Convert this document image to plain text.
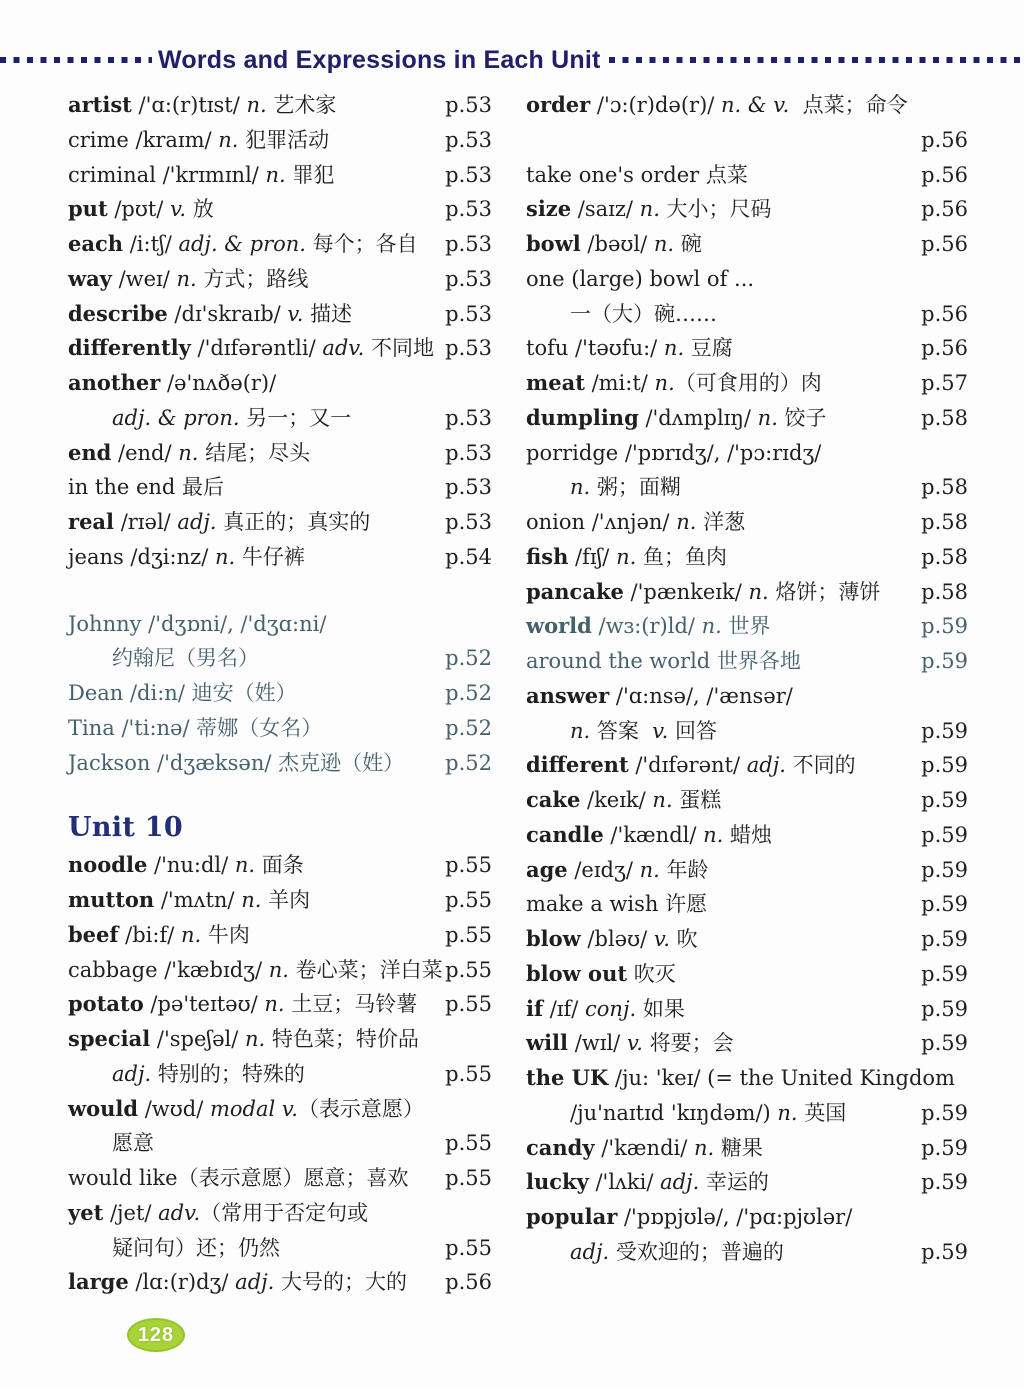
Words and Expressions in Each Unit
artist /'ɑ:(r)tɪst/ n. 艺术家	p.53
crime /kraɪm/ n. 犯罪活动	p.53
criminal /'krɪmɪnl/ n. 罪犯	p.53
put /pʊt/ v. 放	p.53
each /i:tʃ/ adj. & pron. 每个；各自 p.53
way /weɪ/ n. 方式；路线	p.53
describe /dɪ'skraɪb/ v. 描述	p.53
differently /'dɪfərəntli/ adv. 不同地 p.53
another /ə'nʌðə(r)/
adj. & pron. 另一；又一	p.53
end /end/ n. 结尾；尽头	p.53
in the end 最后	p.53
real /rɪəl/ adj. 真正的；真实的	p.53
jeans /dʒi:nz/ n. 牛仔裤	p.54
Johnny /'dʒɒni/, /'dʒɑ:ni/
约翰尼（男名）	p.52
Dean /di:n/ 迪安（姓）	p.52
Tina /'ti:nə/ 蒂娜（女名）	p.52
Jackson /'dʒæksən/ 杰克逊（姓） p.52
Unit 10
noodle /'nu:dl/ n. 面条	p.55
mutton /'mʌtn/ n. 羊肉	p.55
beef /bi:f/ n. 牛肉	p.55
cabbage /'kæbɪdʒ/ n. 卷心菜；洋白菜 p.55
potato /pə'teɪtəʊ/ n. 土豆；马铃薯 p.55
special /'speʃəl/ n. 特色菜；特价品
adj. 特别的；特殊的	p.55
would /wʊd/ modal v.（表示意愿）
愿意	p.55
would like（表示意愿）愿意；喜欢 p.55
yet /jet/ adv.（常用于否定句或
疑问句）还；仍然	p.55
large /lɑ:(r)dʒ/ adj. 大号的；大的 p.56
order /'ɔ:(r)də(r)/ n. & v.  点菜；命令
p.56
take one's order 点菜	p.56
size /saɪz/ n. 大小；尺码	p.56
bowl /bəʊl/ n. 碗	p.56
one (large) bowl of ...
一（大）碗……	p.56
tofu /'təʊfu:/ n. 豆腐	p.56
meat /mi:t/ n.（可食用的）肉	p.57
dumpling /'dʌmplɪŋ/ n. 饺子	p.58
porridge /'pɒrɪdʒ/, /'pɔ:rɪdʒ/
n. 粥；面糊	p.58
onion /'ʌnjən/ n. 洋葱	p.58
fish /fɪʃ/ n. 鱼；鱼肉	p.58
pancake /'pænkeɪk/ n. 烙饼；薄饼 p.58
world /wɜ:(r)ld/ n. 世界	p.59
around the world 世界各地	p.59
answer /'ɑ:nsə/, /'ænsər/
n. 答案  v. 回答	p.59
different /'dɪfərənt/ adj. 不同的	p.59
cake /keɪk/ n. 蛋糕	p.59
candle /'kændl/ n. 蜡烛	p.59
age /eɪdʒ/ n. 年龄	p.59
make a wish 许愿	p.59
blow /bləʊ/ v. 吹	p.59
blow out 吹灭	p.59
if /ɪf/ conj. 如果	p.59
will /wɪl/ v. 将要；会	p.59
the UK /ju: 'keɪ/ (= the United Kingdom
/ju'naɪtɪd 'kɪŋdəm/) n. 英国	p.59
candy /'kændi/ n. 糖果	p.59
lucky /'lʌki/ adj. 幸运的	p.59
popular /'pɒpjʊlə/, /'pɑ:pjʊlər/
adj. 受欢迎的；普遍的	p.59
128
